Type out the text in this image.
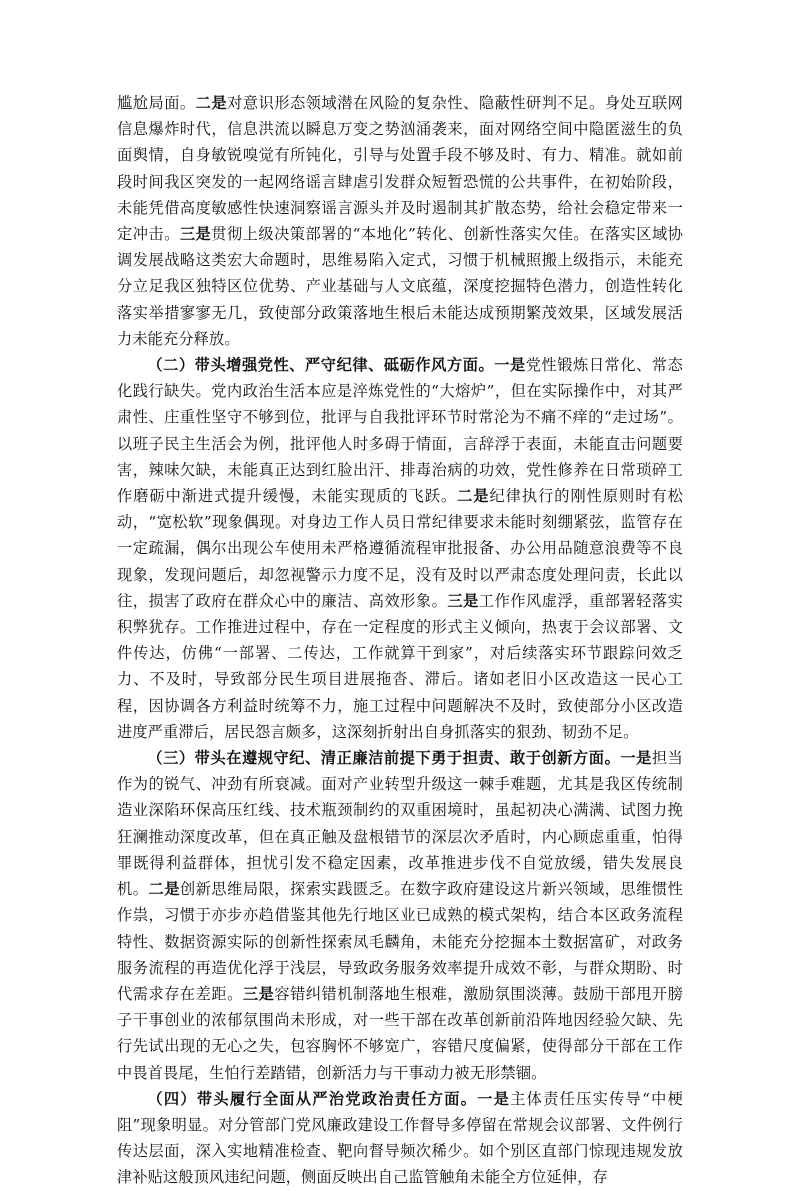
尴尬局面。二是对意识形态领域潜在风险的复杂性、隐蔽性研判不足。身处互联网信息爆炸时代，信息洪流以瞬息万变之势汹涌袭来，面对网络空间中隐匿滋生的负面舆情，自身敏锐嗅觉有所钝化，引导与处置手段不够及时、有力、精准。就如前段时间我区突发的一起网络谣言肆虐引发群众短暂恐慌的公共事件，在初始阶段，未能凭借高度敏感性快速洞察谣言源头并及时遏制其扩散态势，给社会稳定带来一定冲击。三是贯彻上级决策部署的“本地化”转化、创新性落实欠佳。在落实区域协调发展战略这类宏大命题时，思维易陷入定式，习惯于机械照搬上级指示，未能充分立足我区独特区位优势、产业基础与人文底蕴，深度挖掘特色潜力，创造性转化落实举措寥寥无几，致使部分政策落地生根后未能达成预期繁茂效果，区域发展活力未能充分释放。

（二）带头增强党性、严守纪律、砥砺作风方面。一是党性锻炼日常化、常态化践行缺失。党内政治生活本应是淬炼党性的“大熔炉”，但在实际操作中，对其严肃性、庄重性坚守不够到位，批评与自我批评环节时常沦为不痛不痒的“走过场”。以班子民主生活会为例，批评他人时多碍于情面，言辞浮于表面，未能直击问题要害，辣味欠缺，未能真正达到红脸出汗、排毒治病的功效，党性修养在日常琐碎工作磨砺中渐进式提升缓慢，未能实现质的飞跃。二是纪律执行的刚性原则时有松动，“宽松软”现象偶现。对身边工作人员日常纪律要求未能时刻绷紧弦，监管存在一定疏漏，偶尔出现公车使用未严格遵循流程审批报备、办公用品随意浪费等不良现象，发现问题后，却忽视警示力度不足，没有及时以严肃态度处理问责，长此以往，损害了政府在群众心中的廉洁、高效形象。三是工作作风虚浮，重部署轻落实积弊犹存。工作推进过程中，存在一定程度的形式主义倾向，热衷于会议部署、文件传达，仿佛“一部署、二传达，工作就算干到家”，对后续落实环节跟踪问效乏力、不及时，导致部分民生项目进展拖沓、滞后。诸如老旧小区改造这一民心工程，因协调各方利益时统筹不力，施工过程中问题解决不及时，致使部分小区改造进度严重滞后，居民怨言颇多，这深刻折射出自身抓落实的狠劲、韧劲不足。

（三）带头在遵规守纪、清正廉洁前提下勇于担责、敢于创新方面。一是担当作为的锐气、冲劲有所衰减。面对产业转型升级这一棘手难题，尤其是我区传统制造业深陷环保高压红线、技术瓶颈制约的双重困境时，虽起初决心满满、试图力挽狂澜推动深度改革，但在真正触及盘根错节的深层次矛盾时，内心顾虑重重，怕得罪既得利益群体，担忧引发不稳定因素，改革推进步伐不自觉放缓，错失发展良机。二是创新思维局限，探索实践匮乏。在数字政府建设这片新兴领域，思维惯性作祟，习惯于亦步亦趋借鉴其他先行地区业已成熟的模式架构，结合本区政务流程特性、数据资源实际的创新性探索凤毛麟角，未能充分挖掘本土数据富矿，对政务服务流程的再造优化浮于浅层，导致政务服务效率提升成效不彰，与群众期盼、时代需求存在差距。三是容错纠错机制落地生根难，激励氛围淡薄。鼓励干部甩开膀子干事创业的浓郁氛围尚未形成，对一些干部在改革创新前沿阵地因经验欠缺、先行先试出现的无心之失，包容胸怀不够宽广，容错尺度偏紧，使得部分干部在工作中畏首畏尾，生怕行差踏错，创新活力与干事动力被无形禁锢。

（四）带头履行全面从严治党政治责任方面。一是主体责任压实传导“中梗阻”现象明显。对分管部门党风廉政建设工作督导多停留在常规会议部署、文件例行传达层面，深入实地精准检查、靶向督导频次稀少。如个别区直部门惊现违规发放津补贴这般顶风违纪问题，侧面反映出自己监管触角未能全方位延伸，存
